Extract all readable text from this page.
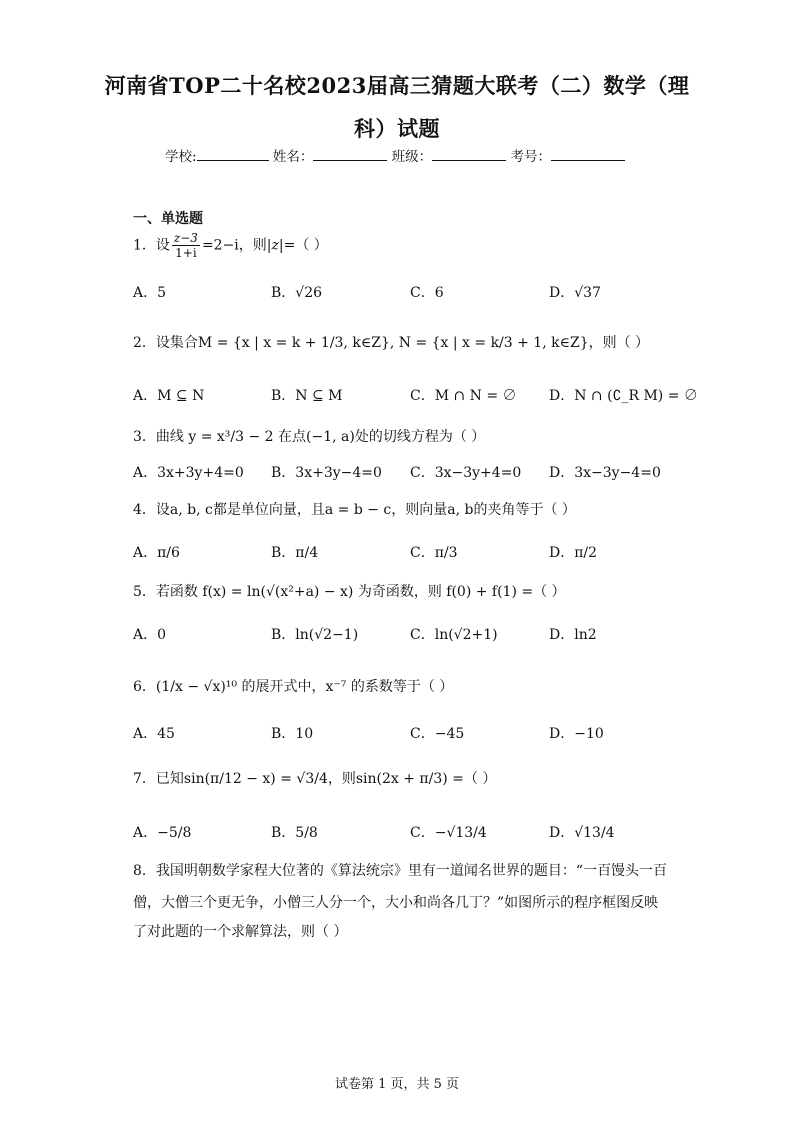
河南省TOP二十名校2023届高三猜题大联考（二）数学（理
科）试题
学校:	姓名：	班级：	考号：
一、单选题
1．设 $\frac{z-3}{1+i} =2-i$，则|z|=（ ）
A．5	B．√26	C．6	D．√37
2．设集合M = {x | x = k + 1/3, k∈Z}, N = {x | x = k/3 + 1, k∈Z}，则（ ）
A．M ⊆ N	B．N ⊆ M	C．M ∩ N = ∅ D．N ∩ (∁_R M) = ∅
3．曲线 y = x³/3 − 2 在点(−1, a)处的切线方程为（ ）
A．3x+3y+4=0 B．3x+3y−4=0 C．3x−3y+4=0 D．3x−3y−4=0
4．设a, b, c都是单位向量，且a = b − c，则向量a, b的夹角等于（ ）
A．π/6	B．π/4	C．π/3	D．π/2
5．若函数 f(x) = ln(√(x²+a) − x) 为奇函数，则 f(0) + f(1) =（ ）
A．0	B．ln(√2−1)	C．ln(√2+1)	D．ln2
6．(1/x − √x)¹⁰ 的展开式中，x⁻⁷ 的系数等于（ ）
A．45	B．10	C．−45	D．−10
7．已知sin(π/12 − x) = √3/4，则sin(2x + π/3) =（ ）
A．−5/8	B．5/8	C．−√13/4	D．√13/4
8．我国明朝数学家程大位著的《算法统宗》里有一道闻名世界的题目：“一百馒头一百
僧，大僧三个更无争，小僧三人分一个，大小和尚各几丁？”如图所示的程序框图反映
了对此题的一个求解算法，则（ ）
试卷第 1 页，共 5 页
